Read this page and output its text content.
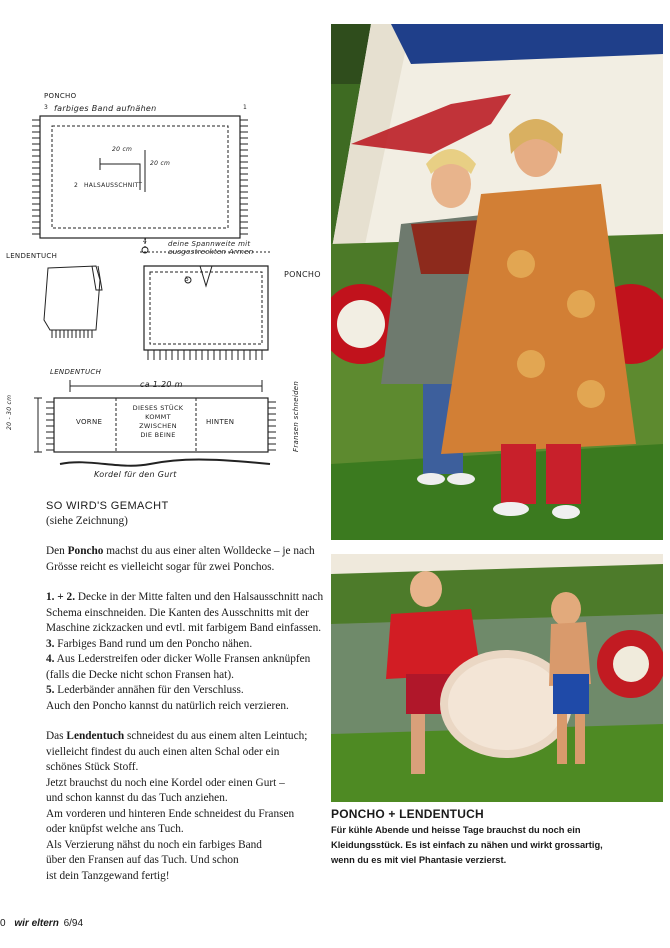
PONCHO
farbiges Band aufnähen
3	1
2
4
5
20 cm
20 cm
HALSAUSSCHNITT
deine Spannweite mit ausgestreckten Armen
LENDENTUCH
PONCHO
LENDENTUCH
ca 1.20 m
20 - 30 cm	VORNE
DIESES STÜCK
KOMMT
ZWISCHEN
DIE BEINE
HINTEN	Fransen schneiden
Kordel für den Gurt
SO WIRD'S GEMACHT
(siehe Zeichnung)

Den Poncho machst du aus einer alten Wolldecke – je nach
Grösse reicht es vielleicht sogar für zwei Ponchos.

1. + 2. Decke in der Mitte falten und den Halsausschnitt nach
Schema einschneiden. Die Kanten des Ausschnitts mit der
Maschine zickzacken und evtl. mit farbigem Band einfassen.

3. Farbiges Band rund um den Poncho nähen.

4. Aus Lederstreifen oder dicker Wolle Fransen anknüpfen
(falls die Decke nicht schon Fransen hat).

5. Lederbänder annähen für den Verschluss.
Auch den Poncho kannst du natürlich reich verzieren.

Das Lendentuch schneidest du aus einem alten Leintuch;
vielleicht findest du auch einen alten Schal oder ein
schönes Stück Stoff.
Jetzt brauchst du noch eine Kordel oder einen Gurt –
und schon kannst du das Tuch anziehen.
Am vorderen und hinteren Ende schneidest du Fransen
oder knüpfst welche ans Tuch.
Als Verzierung nähst du noch ein farbiges Band
über den Fransen auf das Tuch. Und schon
ist dein Tanzgewand fertig!

PONCHO + LENDENTUCH
Für kühle Abende und heisse Tage brauchst du noch ein
Kleidungsstück. Es ist einfach zu nähen und wirkt grossartig,
wenn du es mit viel Phantasie verzierst.
0 wir eltern 6/94
